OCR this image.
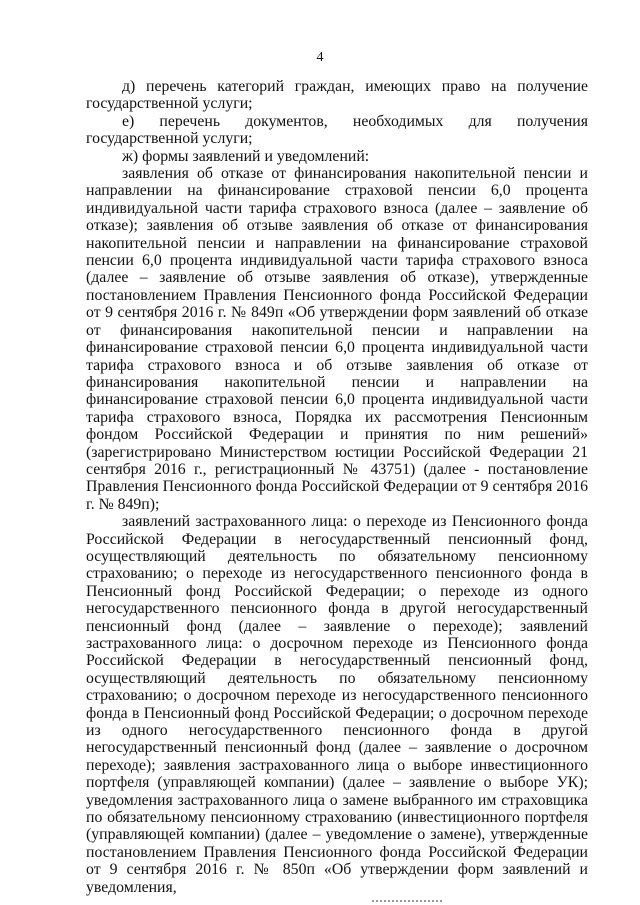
4

д) перечень категорий граждан, имеющих право на получение государственной услуги;

е) перечень документов, необходимых для получения государственной услуги;

ж) формы заявлений и уведомлений:

заявления об отказе от финансирования накопительной пенсии и направлении на финансирование страховой пенсии 6,0 процента индивидуальной части тарифа страхового взноса (далее – заявление об отказе); заявления об отзыве заявления об отказе от финансирования накопительной пенсии и направлении на финансирование страховой пенсии 6,0 процента индивидуальной части тарифа страхового взноса (далее – заявление об отзыве заявления об отказе), утвержденные постановлением Правления Пенсионного фонда Российской Федерации от 9 сентября 2016 г. № 849п «Об утверждении форм заявлений об отказе от финансирования накопительной пенсии и направлении на финансирование страховой пенсии 6,0 процента индивидуальной части тарифа страхового взноса и об отзыве заявления об отказе от финансирования накопительной пенсии и направлении на финансирование страховой пенсии 6,0 процента индивидуальной части тарифа страхового взноса, Порядка их рассмотрения Пенсионным фондом Российской Федерации и принятия по ним решений» (зарегистрировано Министерством юстиции Российской Федерации 21 сентября 2016 г., регистрационный № 43751) (далее - постановление Правления Пенсионного фонда Российской Федерации от 9 сентября 2016 г. № 849п);

заявлений застрахованного лица: о переходе из Пенсионного фонда Российской Федерации в негосударственный пенсионный фонд, осуществляющий деятельность по обязательному пенсионному страхованию; о переходе из негосударственного пенсионного фонда в Пенсионный фонд Российской Федерации; о переходе из одного негосударственного пенсионного фонда в другой негосударственный пенсионный фонд (далее – заявление о переходе); заявлений застрахованного лица: о досрочном переходе из Пенсионного фонда Российской Федерации в негосударственный пенсионный фонд, осуществляющий деятельность по обязательному пенсионному страхованию; о досрочном переходе из негосударственного пенсионного фонда в Пенсионный фонд Российской Федерации; о досрочном переходе из одного негосударственного пенсионного фонда в другой негосударственный пенсионный фонд (далее – заявление о досрочном переходе); заявления застрахованного лица о выборе инвестиционного портфеля (управляющей компании) (далее – заявление о выборе УК); уведомления застрахованного лица о замене выбранного им страховщика по обязательному пенсионному страхованию (инвестиционного портфеля (управляющей компании) (далее – уведомление о замене), утвержденные постановлением Правления Пенсионного фонда Российской Федерации от 9 сентября 2016 г. № 850п «Об утверждении форм заявлений и уведомления,
